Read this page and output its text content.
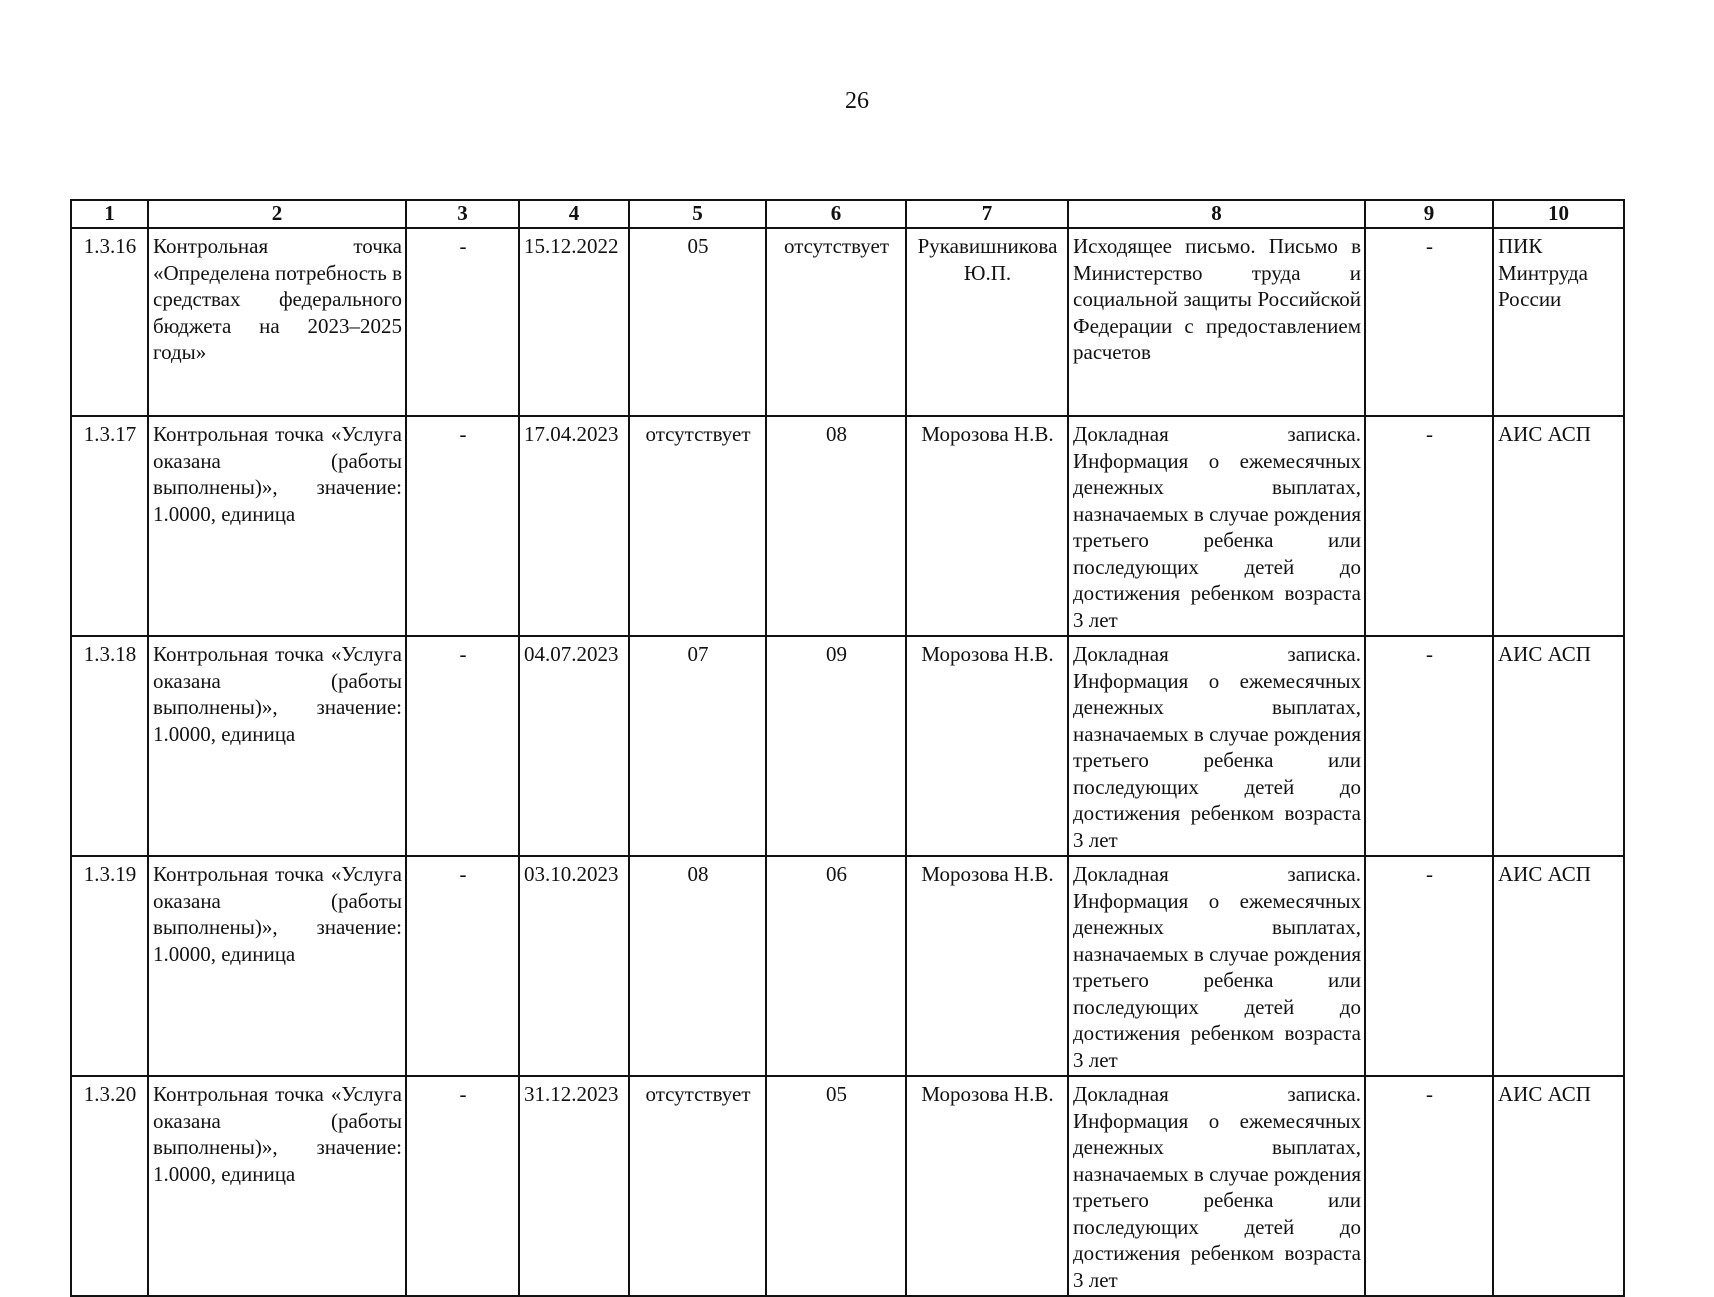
26
1	2	3	4	5	6	7	8	9	10
1.3.16	Контрольная точка «Определена потребность в средствах федерального бюджета на 2023–2025 годы»	-	15.12.2022	05	отсутствует	Рукавишникова Ю.П.	Исходящее письмо. Письмо в Министерство труда и социальной защиты Российской Федерации с предоставлением расчетов	-	ПИК Минтруда России
1.3.17	Контрольная точка «Услуга оказана (работы выполнены)», значение: 1.0000, единица	-	17.04.2023	отсутствует	08	Морозова Н.В.	Докладная записка. Информация о ежемесячных денежных выплатах, назначаемых в случае рождения третьего ребенка или последующих детей до достижения ребенком возраста 3 лет	-	АИС АСП
1.3.18	Контрольная точка «Услуга оказана (работы выполнены)», значение: 1.0000, единица	-	04.07.2023	07	09	Морозова Н.В.	Докладная записка. Информация о ежемесячных денежных выплатах, назначаемых в случае рождения третьего ребенка или последующих детей до достижения ребенком возраста 3 лет	-	АИС АСП
1.3.19	Контрольная точка «Услуга оказана (работы выполнены)», значение: 1.0000, единица	-	03.10.2023	08	06	Морозова Н.В.	Докладная записка. Информация о ежемесячных денежных выплатах, назначаемых в случае рождения третьего ребенка или последующих детей до достижения ребенком возраста 3 лет	-	АИС АСП
1.3.20	Контрольная точка «Услуга оказана (работы выполнены)», значение: 1.0000, единица	-	31.12.2023	отсутствует	05	Морозова Н.В.	Докладная записка. Информация о ежемесячных денежных выплатах, назначаемых в случае рождения третьего ребенка или последующих детей до достижения ребенком возраста 3 лет	-	АИС АСП
